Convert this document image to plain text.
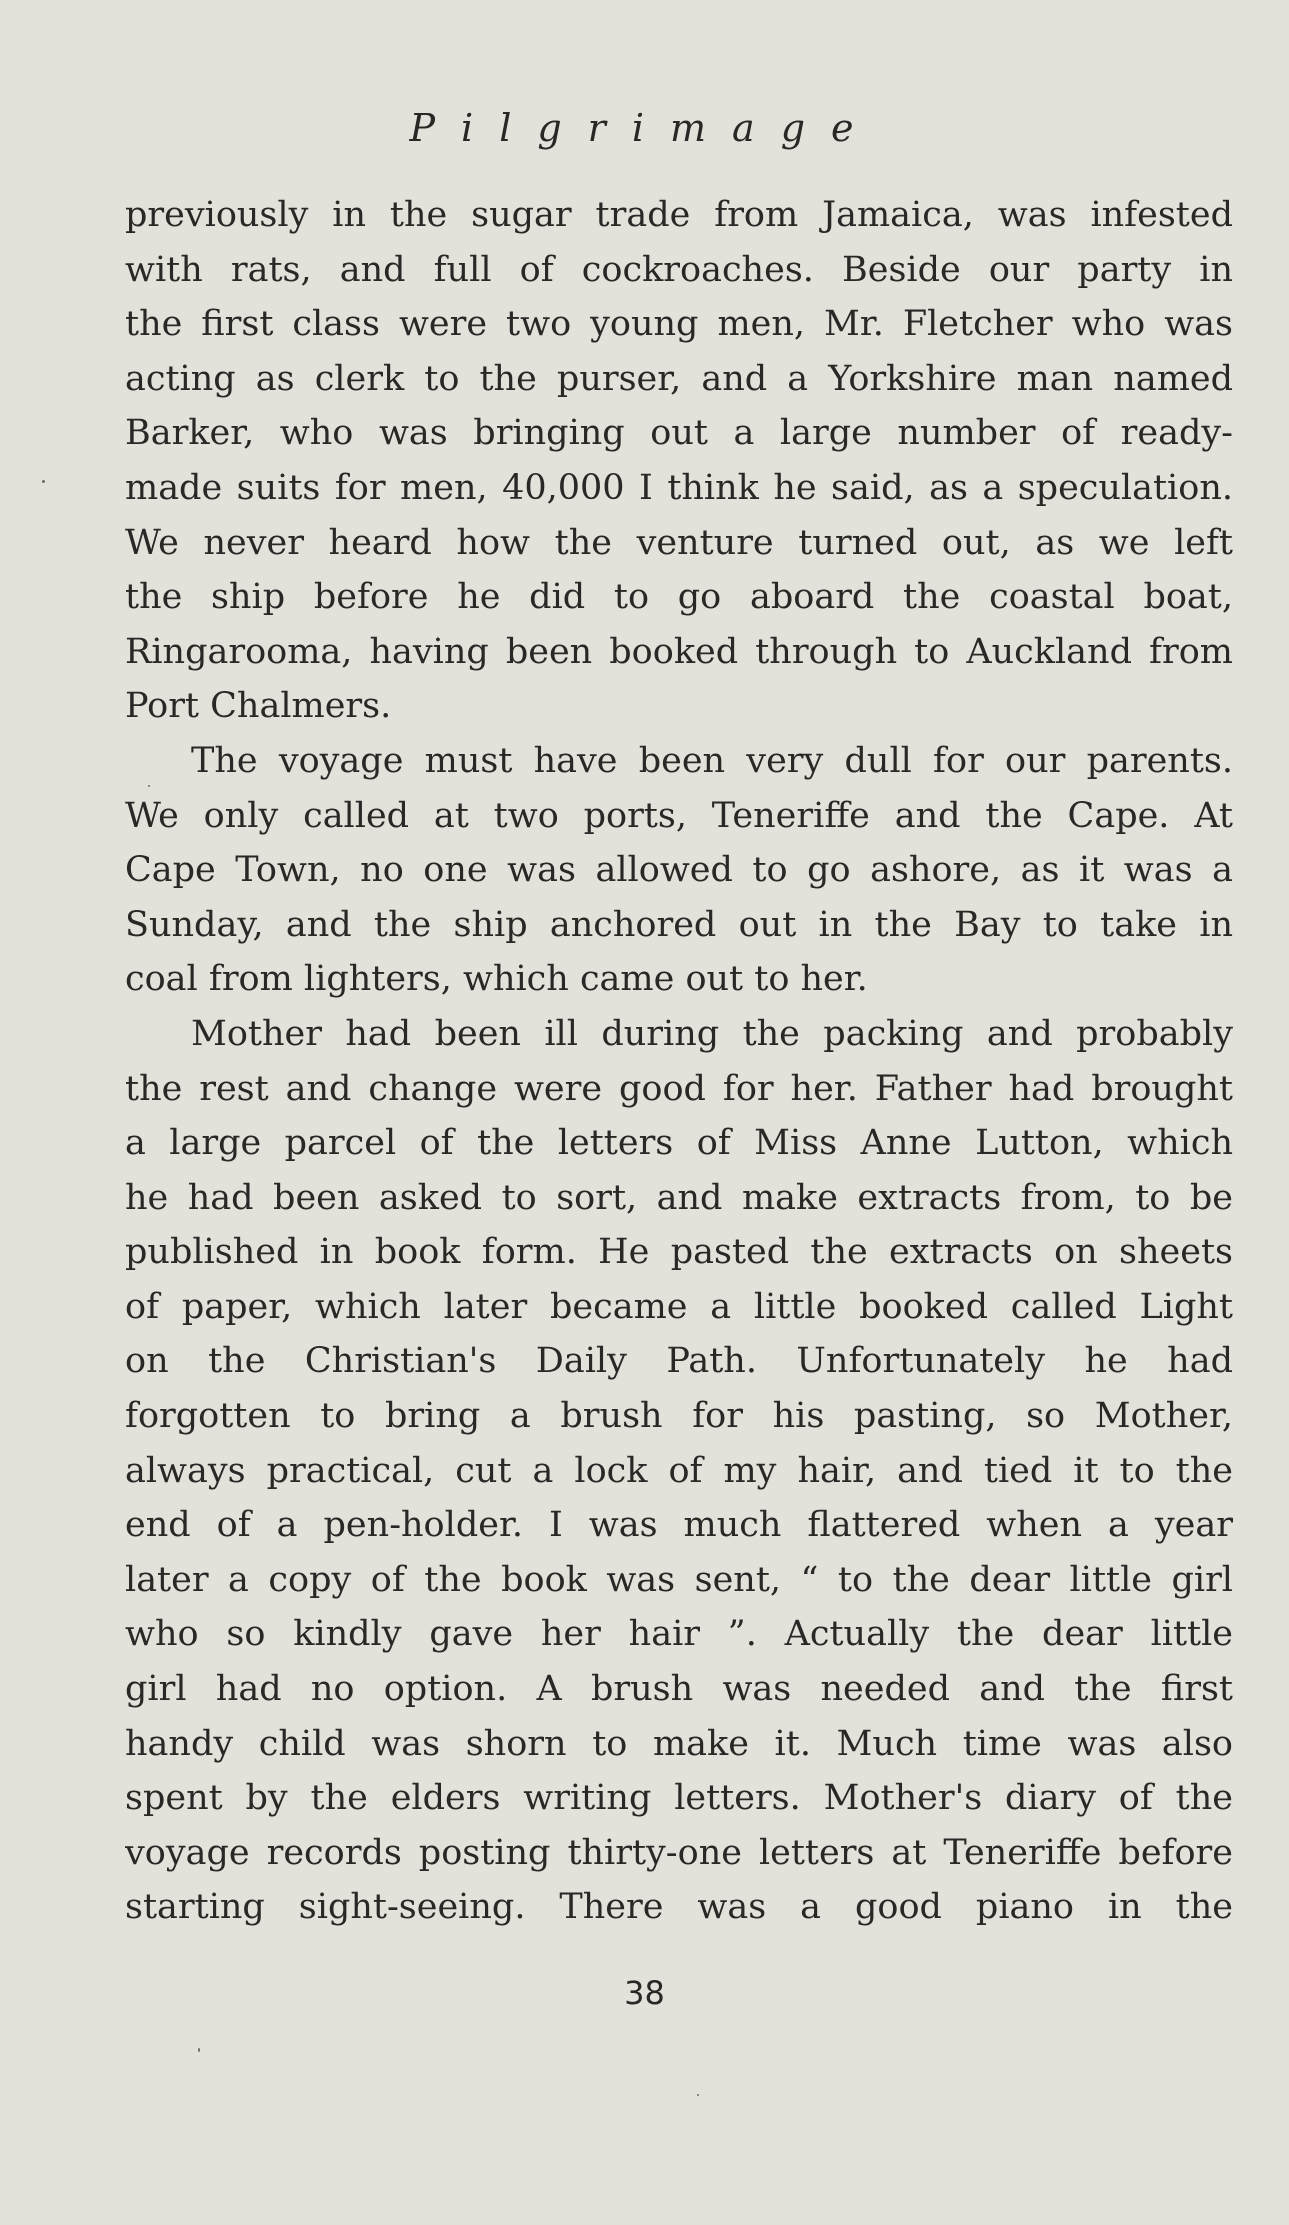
Pilgrimage
previously in the sugar trade from Jamaica, was infested
with rats, and full of cockroaches. Beside our party in
the first class were two young men, Mr. Fletcher who was
acting as clerk to the purser, and a Yorkshire man named
Barker, who was bringing out a large number of ready-
made suits for men, 40,000 I think he said, as a speculation.
We never heard how the venture turned out, as we left
the ship before he did to go aboard the coastal boat,
Ringarooma, having been booked through to Auckland from
Port Chalmers.
The voyage must have been very dull for our parents.
We only called at two ports, Teneriffe and the Cape. At
Cape Town, no one was allowed to go ashore, as it was a
Sunday, and the ship anchored out in the Bay to take in
coal from lighters, which came out to her.
Mother had been ill during the packing and probably
the rest and change were good for her. Father had brought
a large parcel of the letters of Miss Anne Lutton, which
he had been asked to sort, and make extracts from, to be
published in book form. He pasted the extracts on sheets
of paper, which later became a little booked called Light
on the Christian's Daily Path. Unfortunately he had
forgotten to bring a brush for his pasting, so Mother,
always practical, cut a lock of my hair, and tied it to the
end of a pen-holder. I was much flattered when a year
later a copy of the book was sent, “ to the dear little girl
who so kindly gave her hair ”. Actually the dear little
girl had no option. A brush was needed and the first
handy child was shorn to make it. Much time was also
spent by the elders writing letters. Mother's diary of the
voyage records posting thirty-one letters at Teneriffe before
starting sight-seeing. There was a good piano in the
38
